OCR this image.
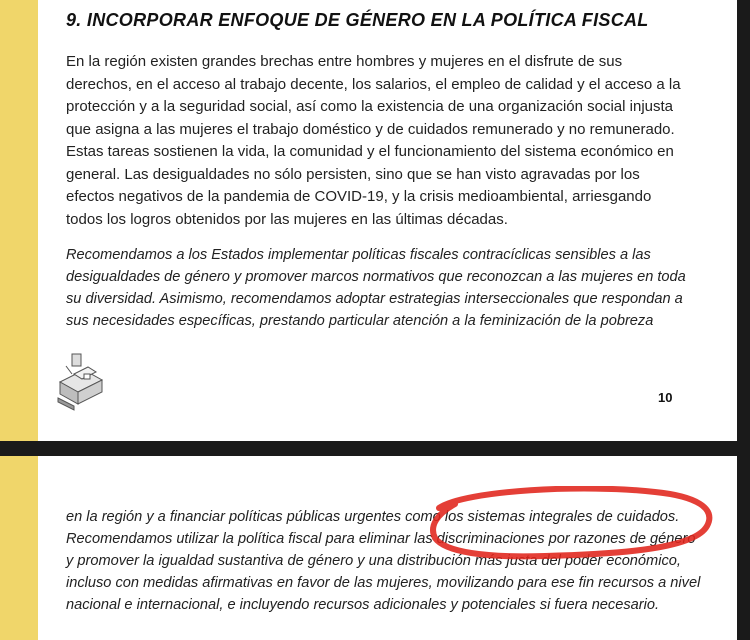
9. INCORPORAR ENFOQUE DE GÉNERO EN LA POLÍTICA FISCAL

En la región existen grandes brechas entre hombres y mujeres en el disfrute de sus derechos, en el acceso al trabajo decente, los salarios, el empleo de calidad y el acceso a la protección y a la seguridad social, así como la existencia de una organización social injusta que asigna a las mujeres el trabajo doméstico y de cuidados remunerado y no remunerado. Estas tareas sostienen la vida, la comunidad y el funcionamiento del sistema económico en general. Las desigualdades no sólo persisten, sino que se han visto agravadas por los efectos negativos de la pandemia de COVID-19, y la crisis medioambiental, arriesgando todos los logros obtenidos por las mujeres en las últimas décadas.

Recomendamos a los Estados implementar políticas fiscales contracíclicas sensibles a las desigualdades de género y promover marcos normativos que reconozcan a las mujeres en toda su diversidad. Asimismo, recomendamos adoptar estrategias interseccionales que respondan a sus necesidades específicas, prestando particular atención a la feminización de la pobreza

10

en la región y a financiar políticas públicas urgentes como los sistemas integrales de cuidados. Recomendamos utilizar la política fiscal para eliminar las discriminaciones por razones de género y promover la igualdad sustantiva de género y una distribución más justa del poder económico, incluso con medidas afirmativas en favor de las mujeres, movilizando para ese fin recursos a nivel nacional e internacional, e incluyendo recursos adicionales y potenciales si fuera necesario.
